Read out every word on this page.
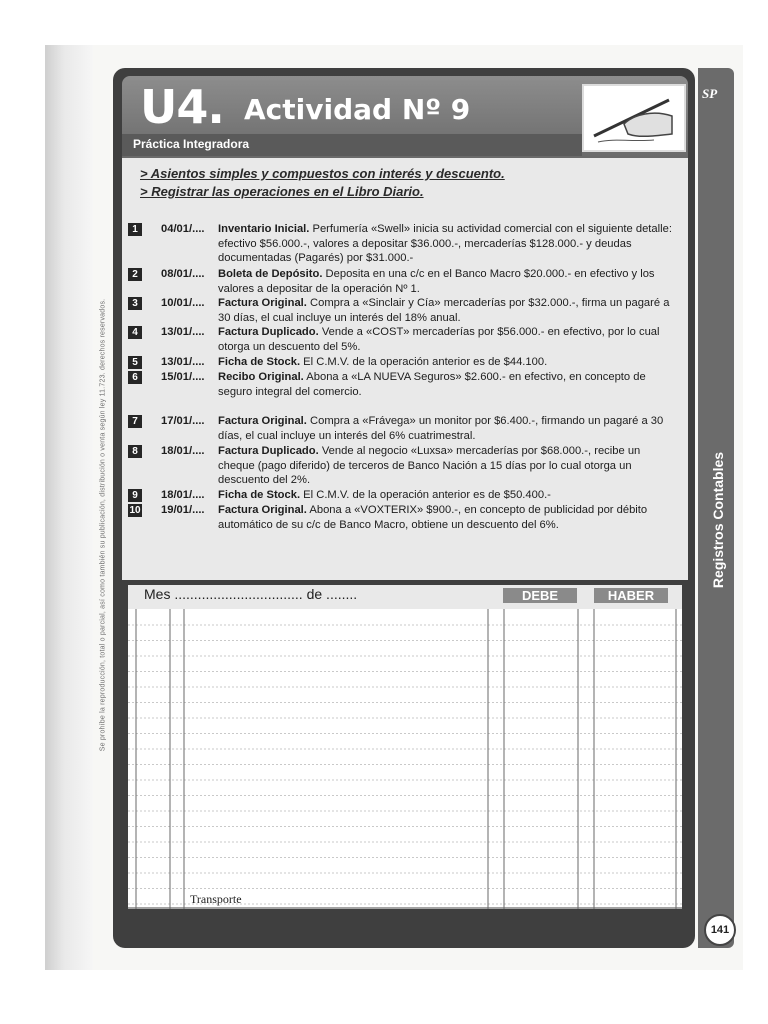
Se prohíbe la reproducción, total o parcial, así como también su publicación, distribución o venta según ley 11.723. derechos reservados.
U4. Actividad Nº 9
Práctica Integradora
> Asientos simples y compuestos con interés y descuento.
> Registrar las operaciones en el Libro Diario.
1	04/01/.... Inventario Inicial. Perfumería «Swell» inicia su actividad comercial con el siguiente detalle: efectivo $56.000.-, valores a depositar $36.000.-, mercaderías $128.000.- y deudas documentadas (Pagarés) por $31.000.-
2	08/01/.... Boleta de Depósito. Deposita en una c/c en el Banco Macro $20.000.- en efectivo y los valores a depositar de la operación Nº 1.
3	10/01/.... Factura Original. Compra a «Sinclair y Cía» mercaderías por $32.000.-, firma un pagaré a 30 días, el cual incluye un interés del 18% anual.
4	13/01/.... Factura Duplicado. Vende a «COST» mercaderías por $56.000.- en efectivo, por lo cual otorga un descuento del 5%.
5	13/01/.... Ficha de Stock. El C.M.V. de la operación anterior es de $44.100.
6	15/01/.... Recibo Original. Abona a «LA NUEVA Seguros» $2.600.- en efectivo, en concepto de seguro integral del comercio.
7	17/01/.... Factura Original. Compra a «Frávega» un monitor por $6.400.-, firmando un pagaré a 30 días, el cual incluye un interés del 6% cuatrimestral.
8	18/01/.... Factura Duplicado. Vende al negocio «Luxsa» mercaderías por $68.000.-, recibe un cheque (pago diferido) de terceros de Banco Nación a 15 días por lo cual otorga un descuento del 2%.
9	18/01/.... Ficha de Stock. El C.M.V. de la operación anterior es de $50.400.-
10 19/01/.... Factura Original. Abona a «VOXTERIX» $900.-, en concepto de publicidad por débito automático de su c/c de Banco Macro, obtiene un descuento del 6%.
Mes ................................. de ........	DEBE	HABER
Transporte
SP
Registros Contables
141
